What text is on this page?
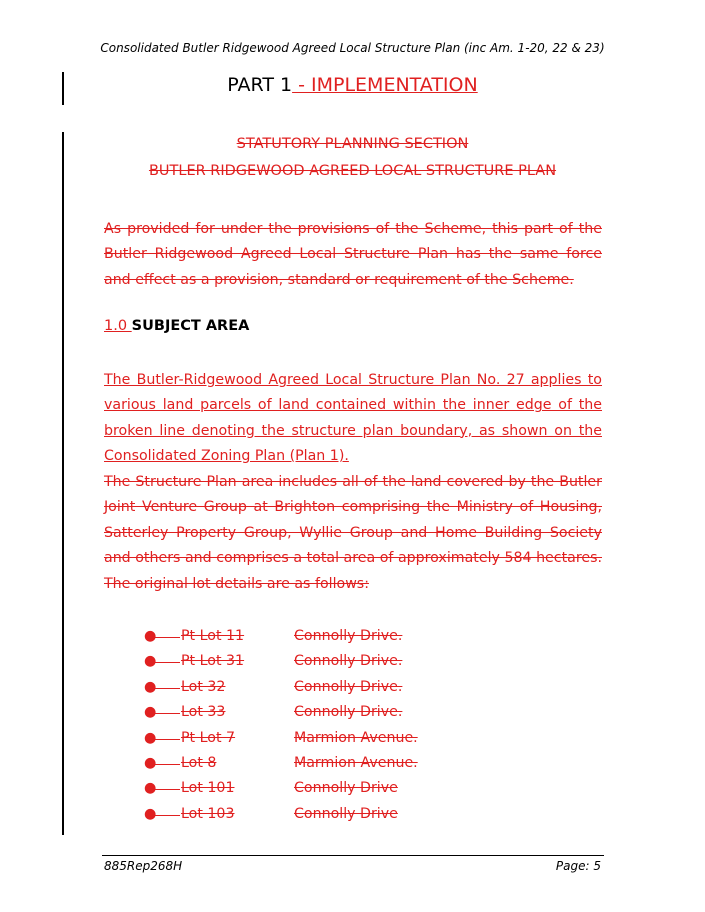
Consolidated Butler Ridgewood Agreed Local Structure Plan (inc Am. 1-20, 22 & 23)
PART 1 - IMPLEMENTATION
STATUTORY PLANNING SECTION
BUTLER RIDGEWOOD AGREED LOCAL STRUCTURE PLAN
As provided for under the provisions of the Scheme, this part of the Butler Ridgewood Agreed Local Structure Plan has the same force and effect as a provision, standard or requirement of the Scheme.
1.0 SUBJECT AREA
The Butler-Ridgewood Agreed Local Structure Plan No. 27 applies to various land parcels of land contained within the inner edge of the broken line denoting the structure plan boundary, as shown on the Consolidated Zoning Plan (Plan 1).
The Structure Plan area includes all of the land covered by the Butler Joint Venture Group at Brighton comprising the Ministry of Housing, Satterley Property Group, Wyllie Group and Home Building Society and others and comprises a total area of approximately 584 hectares. The original lot details are as follows:
● Pt Lot 11	Connolly Drive.
● Pt Lot 31	Connolly Drive.
● Lot 32	Connolly Drive.
● Lot 33	Connolly Drive.
● Pt Lot 7	Marmion Avenue.
● Lot 8	Marmion Avenue.
● Lot 101	Connolly Drive
● Lot 103	Connolly Drive
885Rep268H	Page: 5
